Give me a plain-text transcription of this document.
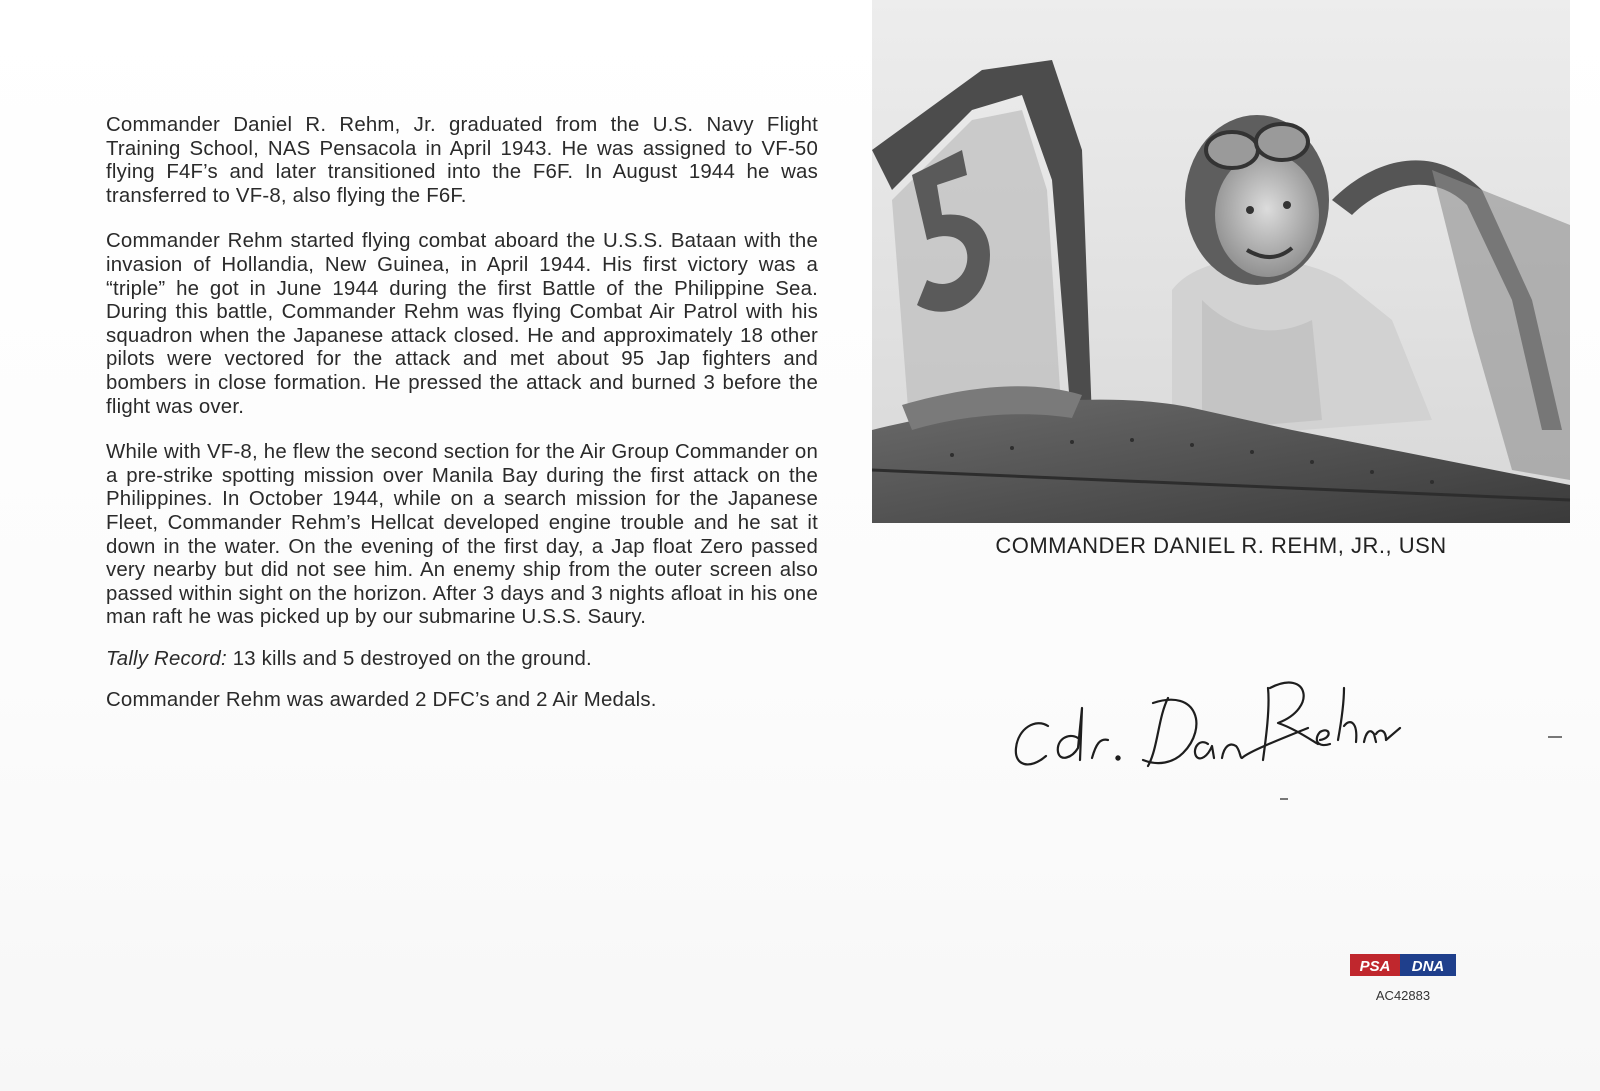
Commander Daniel R. Rehm, Jr. graduated from the U.S. Navy Flight Training School, NAS Pensacola in April 1943. He was assigned to VF-50 flying F4F’s and later transitioned into the F6F. In August 1944 he was transferred to VF-8, also flying the F6F.

Commander Rehm started flying combat aboard the U.S.S. Bataan with the invasion of Hollandia, New Guinea, in April 1944. His first victory was a “triple” he got in June 1944 during the first Battle of the Philippine Sea. During this battle, Commander Rehm was flying Combat Air Patrol with his squadron when the Japanese attack closed. He and approximately 18 other pilots were vectored for the attack and met about 95 Jap fighters and bombers in close formation. He pressed the attack and burned 3 before the flight was over.

While with VF-8, he flew the second section for the Air Group Commander on a pre-strike spotting mission over Manila Bay during the first attack on the Philippines. In October 1944, while on a search mission for the Japanese Fleet, Commander Rehm’s Hellcat developed engine trouble and he sat it down in the water. On the evening of the first day, a Jap float Zero passed very nearby but did not see him. An enemy ship from the outer screen also passed within sight on the horizon. After 3 days and 3 nights afloat in his one man raft he was picked up by our submarine U.S.S. Saury.

Tally Record: 13 kills and 5 destroyed on the ground.

Commander Rehm was awarded 2 DFC’s and 2 Air Medals.

COMMANDER DANIEL R. REHM, JR., USN
PSA DNA
AC42883
